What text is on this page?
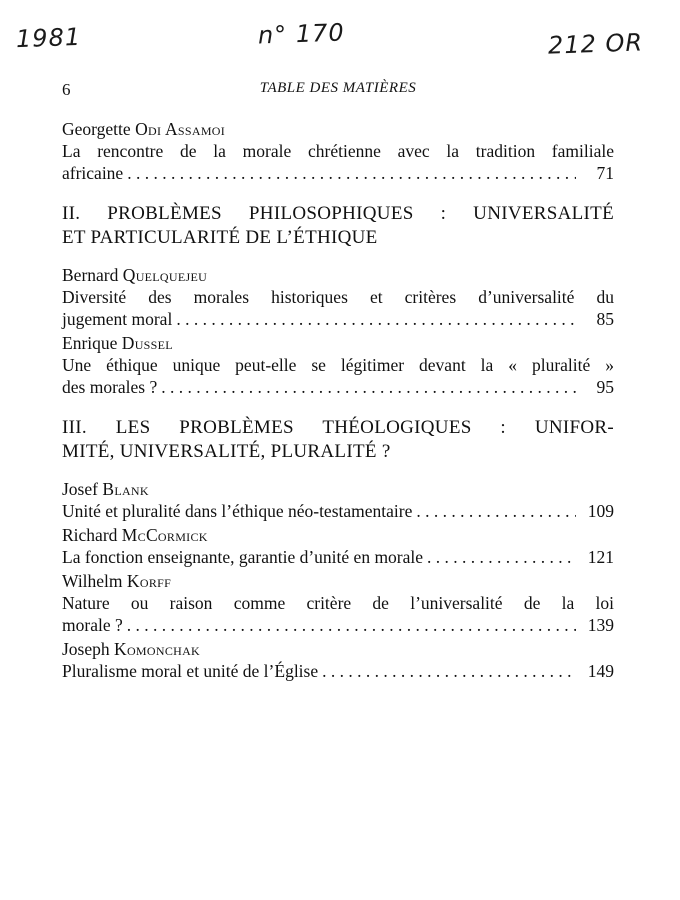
1981	n° 170	212 OR
6	TABLE DES MATIÈRES

Georgette Odi Assamoi

La rencontre de la morale chrétienne avec la tradition familiale
africaine . . .	71
II. PROBLÈMES PHILOSOPHIQUES : UNIVERSALITÉ
ET PARTICULARITÉ DE L’ÉTHIQUE

Bernard Quelquejeu

Diversité des morales historiques et critères d’universalité du
jugement moral . . .	85

Enrique Dussel

Une éthique unique peut-elle se légitimer devant la « pluralité »
des morales ? . . .	95
III. LES PROBLÈMES THÉOLOGIQUES : UNIFOR-
MITÉ, UNIVERSALITÉ, PLURALITÉ ?

Josef Blank

Unité et pluralité dans l’éthique néo-testamentaire . . .	109

Richard McCormick

La fonction enseignante, garantie d’unité en morale . . .	121

Wilhelm Korff

Nature ou raison comme critère de l’universalité de la loi
morale ? . . .	139

Joseph Komonchak

Pluralisme moral et unité de l’Église . . .	149
